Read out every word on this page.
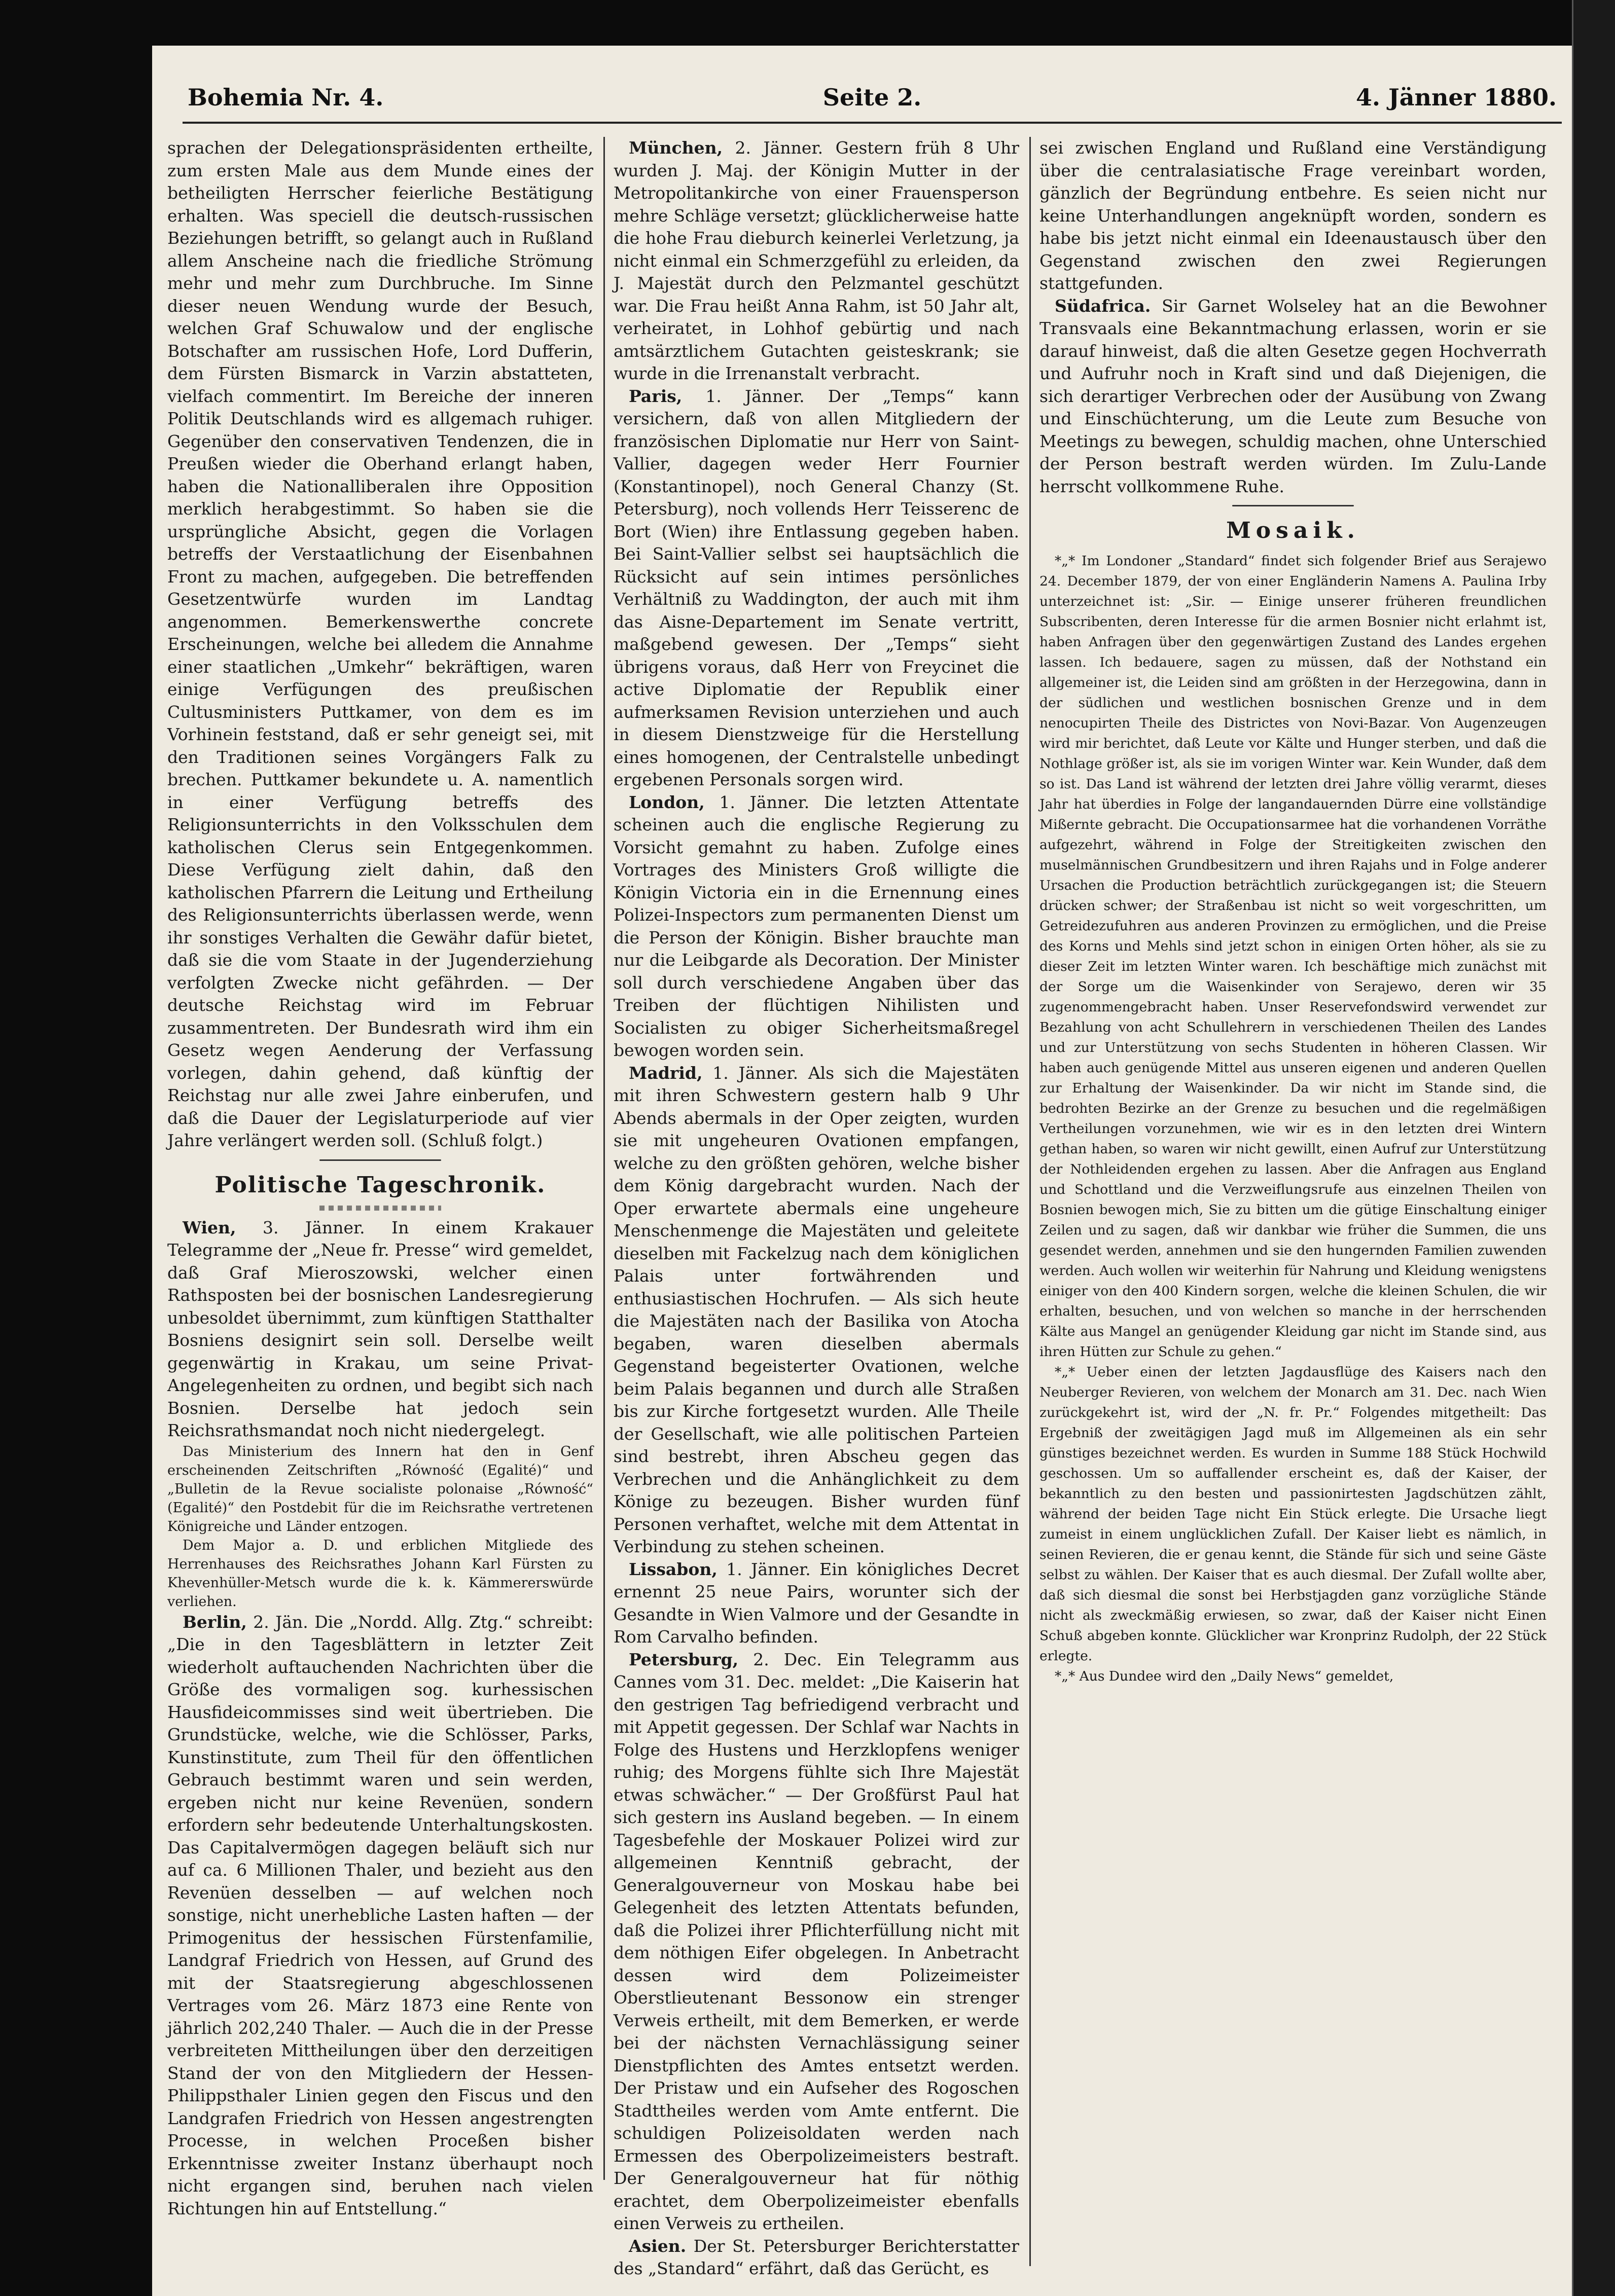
Bohemia Nr. 4.	Seite 2.	4. Jänner 1880.

sprachen der Delegationspräsidenten ertheilte, zum ersten Male aus dem Munde eines der betheiligten Herrscher feierliche Bestätigung erhalten. Was speciell die deutsch-russischen Beziehungen betrifft, so gelangt auch in Rußland allem Anscheine nach die friedliche Strömung mehr und mehr zum Durchbruche. Im Sinne dieser neuen Wendung wurde der Besuch, welchen Graf Schuwalow und der englische Botschafter am russischen Hofe, Lord Dufferin, dem Fürsten Bismarck in Varzin abstatteten, vielfach commentirt. Im Bereiche der inneren Politik Deutschlands wird es allgemach ruhiger. Gegenüber den conservativen Tendenzen, die in Preußen wieder die Oberhand erlangt haben, haben die Nationalliberalen ihre Opposition merklich herabgestimmt. So haben sie die ursprüngliche Absicht, gegen die Vorlagen betreffs der Verstaatlichung der Eisenbahnen Front zu machen, aufgegeben. Die betreffenden Gesetzentwürfe wurden im Landtag angenommen. Bemerkenswerthe concrete Erscheinungen, welche bei alledem die Annahme einer staatlichen „Umkehr“ bekräftigen, waren einige Verfügungen des preußischen Cultusministers Puttkamer, von dem es im Vorhinein feststand, daß er sehr geneigt sei, mit den Traditionen seines Vorgängers Falk zu brechen. Puttkamer bekundete u. A. namentlich in einer Verfügung betreffs des Religionsunterrichts in den Volksschulen dem katholischen Clerus sein Entgegenkommen. Diese Verfügung zielt dahin, daß den katholischen Pfarrern die Leitung und Ertheilung des Religionsunterrichts überlassen werde, wenn ihr sonstiges Verhalten die Gewähr dafür bietet, daß sie die vom Staate in der Jugenderziehung verfolgten Zwecke nicht gefährden. — Der deutsche Reichstag wird im Februar zusammentreten. Der Bundesrath wird ihm ein Gesetz wegen Aenderung der Verfassung vorlegen, dahin gehend, daß künftig der Reichstag nur alle zwei Jahre einberufen, und daß die Dauer der Legislaturperiode auf vier Jahre verlängert werden soll. (Schluß folgt.)

Politische Tageschronik.

Wien, 3. Jänner. In einem Krakauer Telegramme der „Neue fr. Presse“ wird gemeldet, daß Graf Mieroszowski, welcher einen Rathsposten bei der bosnischen Landesregierung unbesoldet übernimmt, zum künftigen Statthalter Bosniens designirt sein soll. Derselbe weilt gegenwärtig in Krakau, um seine Privat-Angelegenheiten zu ordnen, und begibt sich nach Bosnien. Derselbe hat jedoch sein Reichsrathsmandat noch nicht niedergelegt.

Das Ministerium des Innern hat den in Genf erscheinenden Zeitschriften „Równość (Egalité)“ und „Bulletin de la Revue socialiste polonaise „Równość“ (Egalité)“ den Postdebit für die im Reichsrathe vertretenen Königreiche und Länder entzogen.

Dem Major a. D. und erblichen Mitgliede des Herrenhauses des Reichsrathes Johann Karl Fürsten zu Khevenhüller-Metsch wurde die k. k. Kämmererswürde verliehen.

Berlin, 2. Jän. Die „Nordd. Allg. Ztg.“ schreibt: „Die in den Tagesblättern in letzter Zeit wiederholt auftauchenden Nachrichten über die Größe des vormaligen sog. kurhessischen Hausfideicommisses sind weit übertrieben. Die Grundstücke, welche, wie die Schlösser, Parks, Kunstinstitute, zum Theil für den öffentlichen Gebrauch bestimmt waren und sein werden, ergeben nicht nur keine Revenüen, sondern erfordern sehr bedeutende Unterhaltungskosten. Das Capitalvermögen dagegen beläuft sich nur auf ca. 6 Millionen Thaler, und bezieht aus den Revenüen desselben — auf welchen noch sonstige, nicht unerhebliche Lasten haften — der Primogenitus der hessischen Fürstenfamilie, Landgraf Friedrich von Hessen, auf Grund des mit der Staatsregierung abgeschlossenen Vertrages vom 26. März 1873 eine Rente von jährlich 202,240 Thaler. — Auch die in der Presse verbreiteten Mittheilungen über den derzeitigen Stand der von den Mitgliedern der Hessen-Philippsthaler Linien gegen den Fiscus und den Landgrafen Friedrich von Hessen angestrengten Processe, in welchen Proceßen bisher Erkenntnisse zweiter Instanz überhaupt noch nicht ergangen sind, beruhen nach vielen Richtungen hin auf Entstellung.“

München, 2. Jänner. Gestern früh 8 Uhr wurden J. Maj. der Königin Mutter in der Metropolitankirche von einer Frauensperson mehre Schläge versetzt; glücklicherweise hatte die hohe Frau dieburch keinerlei Verletzung, ja nicht einmal ein Schmerzgefühl zu erleiden, da J. Majestät durch den Pelzmantel geschützt war. Die Frau heißt Anna Rahm, ist 50 Jahr alt, verheiratet, in Lohhof gebürtig und nach amtsärztlichem Gutachten geisteskrank; sie wurde in die Irrenanstalt verbracht.

Paris, 1. Jänner. Der „Temps“ kann versichern, daß von allen Mitgliedern der französischen Diplomatie nur Herr von Saint-Vallier, dagegen weder Herr Fournier (Konstantinopel), noch General Chanzy (St. Petersburg), noch vollends Herr Teisserenc de Bort (Wien) ihre Entlassung gegeben haben. Bei Saint-Vallier selbst sei hauptsächlich die Rücksicht auf sein intimes persönliches Verhältniß zu Waddington, der auch mit ihm das Aisne-Departement im Senate vertritt, maßgebend gewesen. Der „Temps“ sieht übrigens voraus, daß Herr von Freycinet die active Diplomatie der Republik einer aufmerksamen Revision unterziehen und auch in diesem Dienstzweige für die Herstellung eines homogenen, der Centralstelle unbedingt ergebenen Personals sorgen wird.

London, 1. Jänner. Die letzten Attentate scheinen auch die englische Regierung zu Vorsicht gemahnt zu haben. Zufolge eines Vortrages des Ministers Groß willigte die Königin Victoria ein in die Ernennung eines Polizei-Inspectors zum permanenten Dienst um die Person der Königin. Bisher brauchte man nur die Leibgarde als Decoration. Der Minister soll durch verschiedene Angaben über das Treiben der flüchtigen Nihilisten und Socialisten zu obiger Sicherheitsmaßregel bewogen worden sein.

Madrid, 1. Jänner. Als sich die Majestäten mit ihren Schwestern gestern halb 9 Uhr Abends abermals in der Oper zeigten, wurden sie mit ungeheuren Ovationen empfangen, welche zu den größten gehören, welche bisher dem König dargebracht wurden. Nach der Oper erwartete abermals eine ungeheure Menschenmenge die Majestäten und geleitete dieselben mit Fackelzug nach dem königlichen Palais unter fortwährenden und enthusiastischen Hochrufen. — Als sich heute die Majestäten nach der Basilika von Atocha begaben, waren dieselben abermals Gegenstand begeisterter Ovationen, welche beim Palais begannen und durch alle Straßen bis zur Kirche fortgesetzt wurden. Alle Theile der Gesellschaft, wie alle politischen Parteien sind bestrebt, ihren Abscheu gegen das Verbrechen und die Anhänglichkeit zu dem Könige zu bezeugen. Bisher wurden fünf Personen verhaftet, welche mit dem Attentat in Verbindung zu stehen scheinen.

Lissabon, 1. Jänner. Ein königliches Decret ernennt 25 neue Pairs, worunter sich der Gesandte in Wien Valmore und der Gesandte in Rom Carvalho befinden.

Petersburg, 2. Dec. Ein Telegramm aus Cannes vom 31. Dec. meldet: „Die Kaiserin hat den gestrigen Tag befriedigend verbracht und mit Appetit gegessen. Der Schlaf war Nachts in Folge des Hustens und Herzklopfens weniger ruhig; des Morgens fühlte sich Ihre Majestät etwas schwächer.“ — Der Großfürst Paul hat sich gestern ins Ausland begeben. — In einem Tagesbefehle der Moskauer Polizei wird zur allgemeinen Kenntniß gebracht, der Generalgouverneur von Moskau habe bei Gelegenheit des letzten Attentats befunden, daß die Polizei ihrer Pflichterfüllung nicht mit dem nöthigen Eifer obgelegen. In Anbetracht dessen wird dem Polizeimeister Oberstlieutenant Bessonow ein strenger Verweis ertheilt, mit dem Bemerken, er werde bei der nächsten Vernachlässigung seiner Dienstpflichten des Amtes entsetzt werden. Der Pristaw und ein Aufseher des Rogoschen Stadttheiles werden vom Amte entfernt. Die schuldigen Polizeisoldaten werden nach Ermessen des Oberpolizeimeisters bestraft. Der Generalgouverneur hat für nöthig erachtet, dem Oberpolizeimeister ebenfalls einen Verweis zu ertheilen.

Asien. Der St. Petersburger Berichterstatter des „Standard“ erfährt, daß das Gerücht, es

sei zwischen England und Rußland eine Verständigung über die centralasiatische Frage vereinbart worden, gänzlich der Begründung entbehre. Es seien nicht nur keine Unterhandlungen angeknüpft worden, sondern es habe bis jetzt nicht einmal ein Ideenaustausch über den Gegenstand zwischen den zwei Regierungen stattgefunden.

Südafrica. Sir Garnet Wolseley hat an die Bewohner Transvaals eine Bekanntmachung erlassen, worin er sie darauf hinweist, daß die alten Gesetze gegen Hochverrath und Aufruhr noch in Kraft sind und daß Diejenigen, die sich derartiger Verbrechen oder der Ausübung von Zwang und Einschüchterung, um die Leute zum Besuche von Meetings zu bewegen, schuldig machen, ohne Unterschied der Person bestraft werden würden. Im Zulu-Lande herrscht vollkommene Ruhe.

Mosaik.

*„* Im Londoner „Standard“ findet sich folgender Brief aus Serajewo 24. December 1879, der von einer Engländerin Namens A. Paulina Irby unterzeichnet ist: „Sir. — Einige unserer früheren freundlichen Subscribenten, deren Interesse für die armen Bosnier nicht erlahmt ist, haben Anfragen über den gegenwärtigen Zustand des Landes ergehen lassen. Ich bedauere, sagen zu müssen, daß der Nothstand ein allgemeiner ist, die Leiden sind am größten in der Herzegowina, dann in der südlichen und westlichen bosnischen Grenze und in dem nenocupirten Theile des Districtes von Novi-Bazar. Von Augenzeugen wird mir berichtet, daß Leute vor Kälte und Hunger sterben, und daß die Nothlage größer ist, als sie im vorigen Winter war. Kein Wunder, daß dem so ist. Das Land ist während der letzten drei Jahre völlig verarmt, dieses Jahr hat überdies in Folge der langandauernden Dürre eine vollständige Mißernte gebracht. Die Occupationsarmee hat die vorhandenen Vorräthe aufgezehrt, während in Folge der Streitigkeiten zwischen den muselmännischen Grundbesitzern und ihren Rajahs und in Folge anderer Ursachen die Production beträchtlich zurückgegangen ist; die Steuern drücken schwer; der Straßenbau ist nicht so weit vorgeschritten, um Getreidezufuhren aus anderen Provinzen zu ermöglichen, und die Preise des Korns und Mehls sind jetzt schon in einigen Orten höher, als sie zu dieser Zeit im letzten Winter waren. Ich beschäftige mich zunächst mit der Sorge um die Waisenkinder von Serajewo, deren wir 35 zugenommengebracht haben. Unser Reservefondswird verwendet zur Bezahlung von acht Schullehrern in verschiedenen Theilen des Landes und zur Unterstützung von sechs Studenten in höheren Classen. Wir haben auch genügende Mittel aus unseren eigenen und anderen Quellen zur Erhaltung der Waisenkinder. Da wir nicht im Stande sind, die bedrohten Bezirke an der Grenze zu besuchen und die regelmäßigen Vertheilungen vorzunehmen, wie wir es in den letzten drei Wintern gethan haben, so waren wir nicht gewillt, einen Aufruf zur Unterstützung der Nothleidenden ergehen zu lassen. Aber die Anfragen aus England und Schottland und die Verzweiflungsrufe aus einzelnen Theilen von Bosnien bewogen mich, Sie zu bitten um die gütige Einschaltung einiger Zeilen und zu sagen, daß wir dankbar wie früher die Summen, die uns gesendet werden, annehmen und sie den hungernden Familien zuwenden werden. Auch wollen wir weiterhin für Nahrung und Kleidung wenigstens einiger von den 400 Kindern sorgen, welche die kleinen Schulen, die wir erhalten, besuchen, und von welchen so manche in der herrschenden Kälte aus Mangel an genügender Kleidung gar nicht im Stande sind, aus ihren Hütten zur Schule zu gehen.“

*„* Ueber einen der letzten Jagdausflüge des Kaisers nach den Neuberger Revieren, von welchem der Monarch am 31. Dec. nach Wien zurückgekehrt ist, wird der „N. fr. Pr.“ Folgendes mitgetheilt: Das Ergebniß der zweitägigen Jagd muß im Allgemeinen als ein sehr günstiges bezeichnet werden. Es wurden in Summe 188 Stück Hochwild geschossen. Um so auffallender erscheint es, daß der Kaiser, der bekanntlich zu den besten und passionirtesten Jagdschützen zählt, während der beiden Tage nicht Ein Stück erlegte. Die Ursache liegt zumeist in einem unglücklichen Zufall. Der Kaiser liebt es nämlich, in seinen Revieren, die er genau kennt, die Stände für sich und seine Gäste selbst zu wählen. Der Kaiser that es auch diesmal. Der Zufall wollte aber, daß sich diesmal die sonst bei Herbstjagden ganz vorzügliche Stände nicht als zweckmäßig erwiesen, so zwar, daß der Kaiser nicht Einen Schuß abgeben konnte. Glücklicher war Kronprinz Rudolph, der 22 Stück erlegte.

*„* Aus Dundee wird den „Daily News“ gemeldet,
